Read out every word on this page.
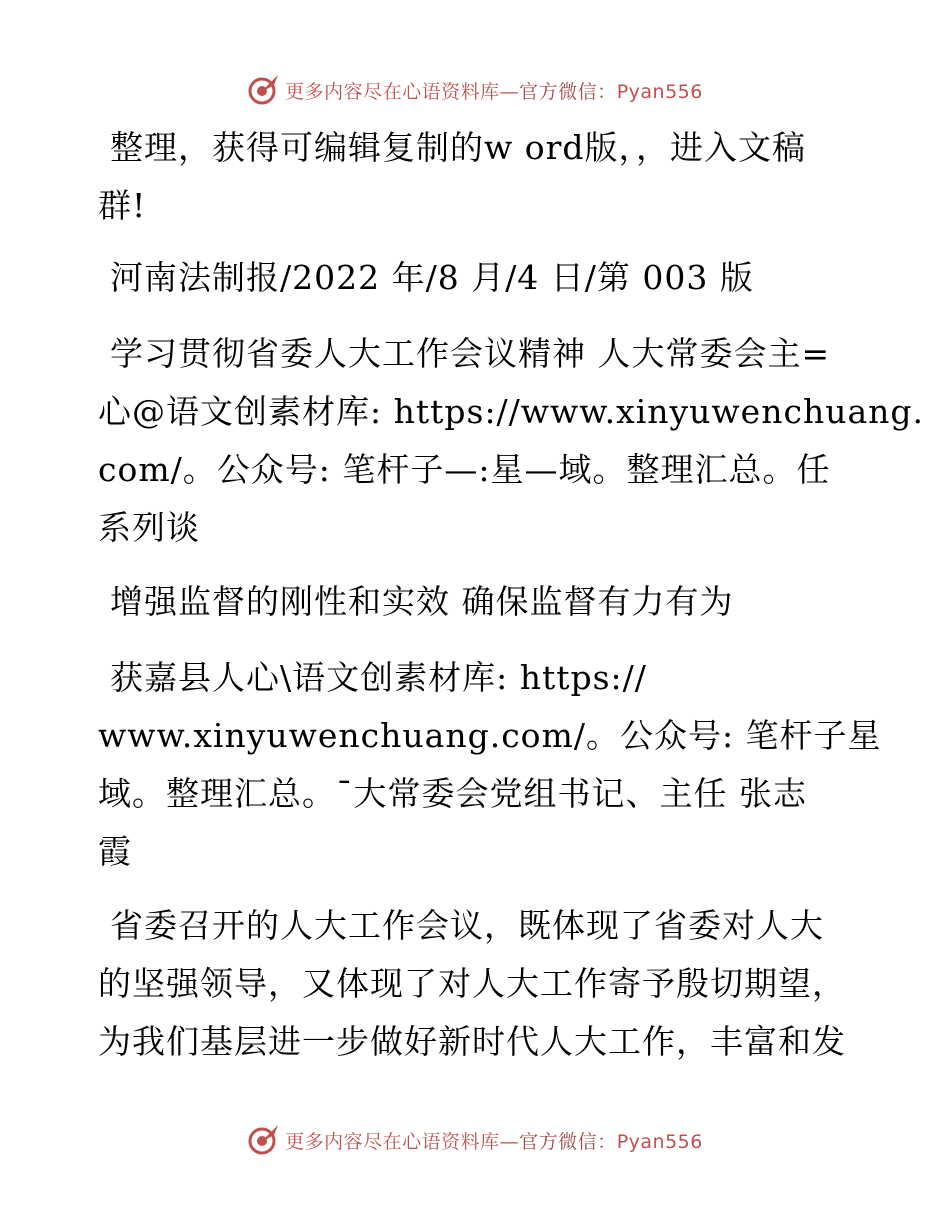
更多内容尽在心语资料库—官方微信：Pyan556

整理，获得可编辑复制的w ord版，，进入文稿
群!

河南法制报/2022 年/8 月/4 日/第 003 版

学习贯彻省委人大工作会议精神 人大常委会主=
心@语文创素材库: https://www.xinyuwenchuang.
com/。公众号: 笔杆子—:星—域。整理汇总。任
系列谈

增强监督的刚性和实效 确保监督有力有为

获嘉县人心\语文创素材库: https://
www.xinyuwenchuang.com/。公众号: 笔杆子星
域。整理汇总。¯大常委会党组书记、主任 张志
霞

省委召开的人大工作会议，既体现了省委对人大
的坚强领导，又体现了对人大工作寄予殷切期望，
为我们基层进一步做好新时代人大工作，丰富和发

更多内容尽在心语资料库—官方微信：Pyan556
